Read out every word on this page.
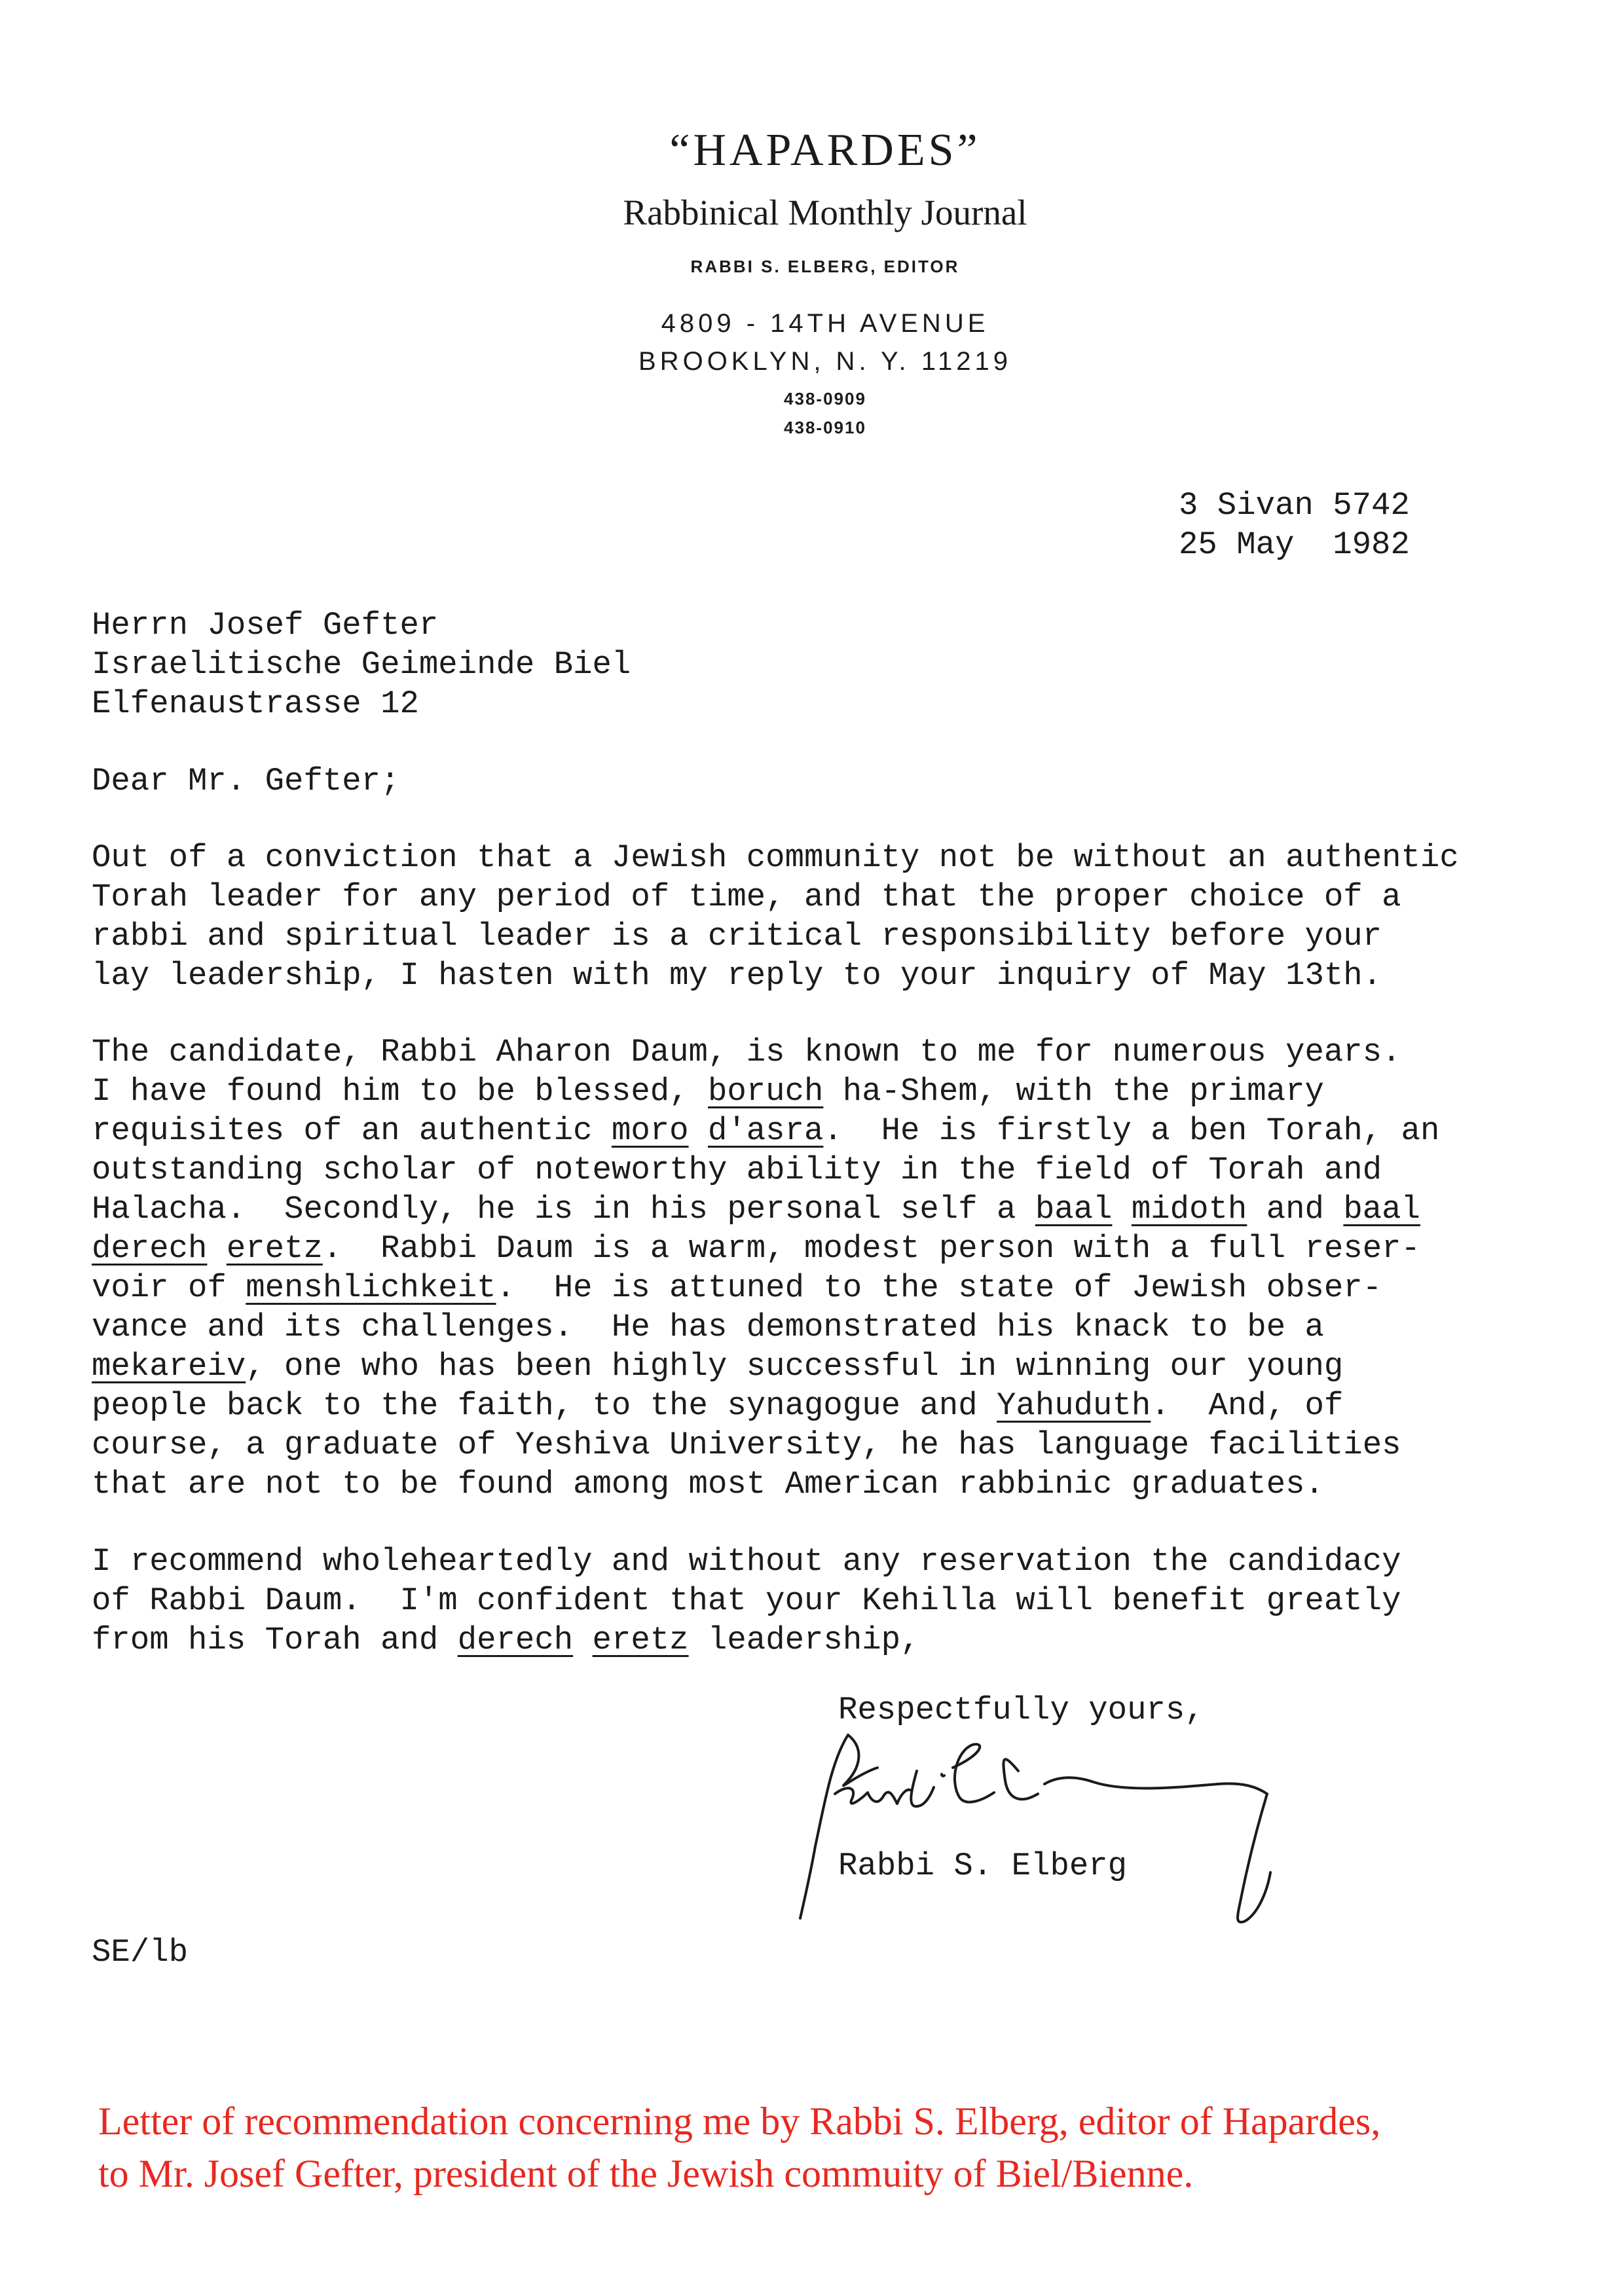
“HAPARDES”
Rabbinical Monthly Journal
RABBI S. ELBERG, EDITOR
4809 - 14TH AVENUE
BROOKLYN, N. Y. 11219
438-0909
438-0910
3 Sivan 5742
25 May  1982
Herrn Josef Gefter
Israelitische Geimeinde Biel
Elfenaustrasse 12
Dear Mr. Gefter;
Out of a conviction that a Jewish community not be without an authentic
Torah leader for any period of time, and that the proper choice of a
rabbi and spiritual leader is a critical responsibility before your
lay leadership, I hasten with my reply to your inquiry of May 13th.
The candidate, Rabbi Aharon Daum, is known to me for numerous years.
I have found him to be blessed, boruch ha-Shem, with the primary
requisites of an authentic moro d'asra.  He is firstly a ben Torah, an
outstanding scholar of noteworthy ability in the field of Torah and
Halacha.  Secondly, he is in his personal self a baal midoth and baal
derech eretz.  Rabbi Daum is a warm, modest person with a full reser-
voir of menshlichkeit.  He is attuned to the state of Jewish obser-
vance and its challenges.  He has demonstrated his knack to be a
mekareiv, one who has been highly successful in winning our young
people back to the faith, to the synagogue and Yahuduth.  And, of
course, a graduate of Yeshiva University, he has language facilities
that are not to be found among most American rabbinic graduates.
I recommend wholeheartedly and without any reservation the candidacy
of Rabbi Daum.  I'm confident that your Kehilla will benefit greatly
from his Torah and derech eretz leadership,
Respectfully yours,
Rabbi S. Elberg
SE/lb
Letter of recommendation concerning me by Rabbi S. Elberg, editor of Hapardes,
to Mr. Josef Gefter, president of the Jewish commuity of Biel/Bienne.
